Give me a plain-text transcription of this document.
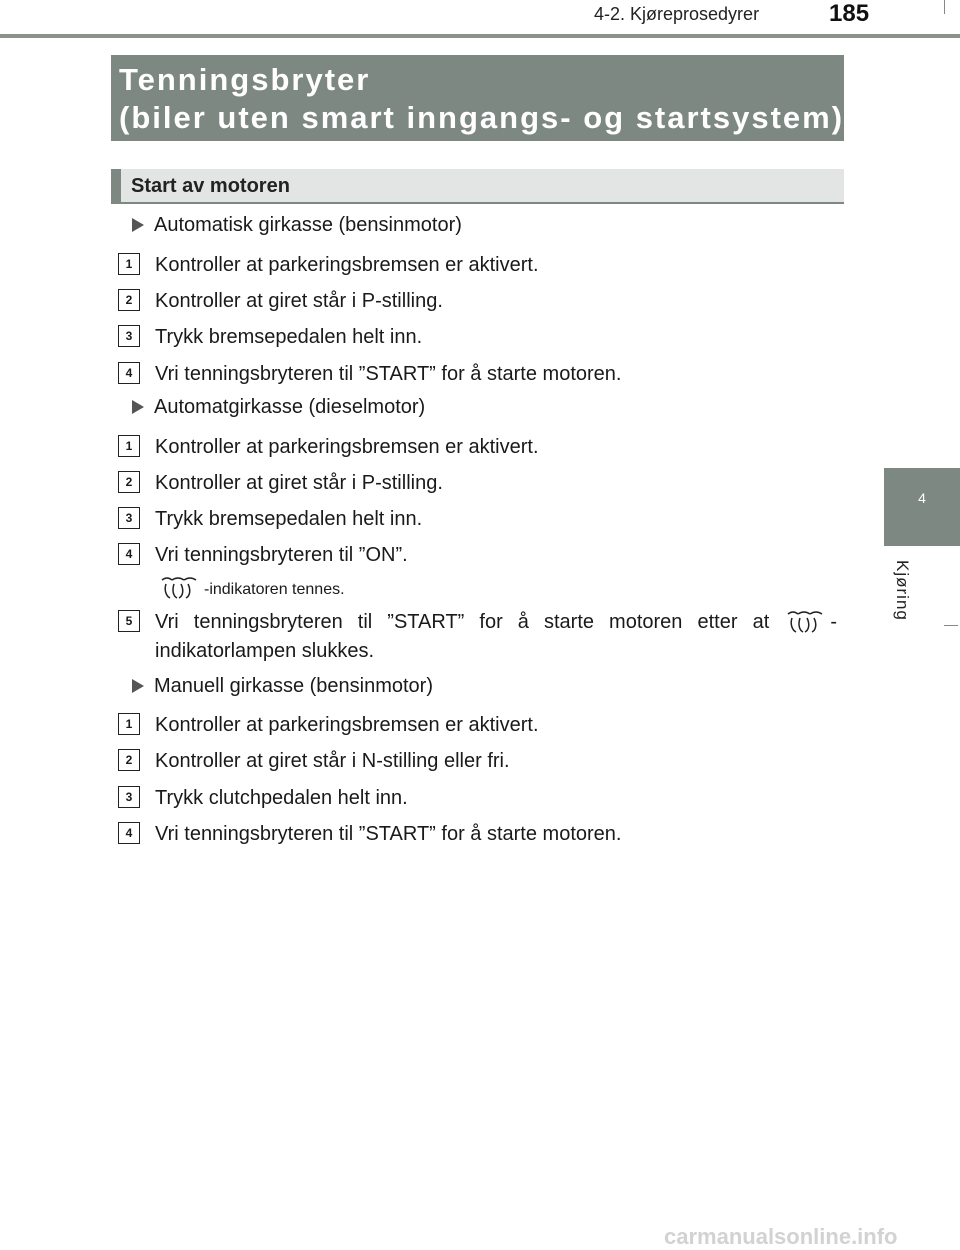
4-2. Kjøreprosedyrer	185
Tenningsbryter
(biler uten smart inngangs- og startsystem)
Start av motoren
4
Kjøring
Automatisk girkasse (bensinmotor)
1	Kontroller at parkeringsbremsen er aktivert.
2	Kontroller at giret står i P-stilling.
3	Trykk bremsepedalen helt inn.
4	Vri tenningsbryteren til ”START” for å starte motoren.
Automatgirkasse (dieselmotor)
1	Kontroller at parkeringsbremsen er aktivert.
2	Kontroller at giret står i P-stilling.
3	Trykk bremsepedalen helt inn.
4	Vri tenningsbryteren til ”ON”.
-indikatoren tennes.
5	Vri tenningsbryteren til ”START” for å starte motoren etter at	-indikatorlampen slukkes.
Manuell girkasse (bensinmotor)
1	Kontroller at parkeringsbremsen er aktivert.
2	Kontroller at giret står i N-stilling eller fri.
3	Trykk clutchpedalen helt inn.
4	Vri tenningsbryteren til ”START” for å starte motoren.
carmanualsonline.info
